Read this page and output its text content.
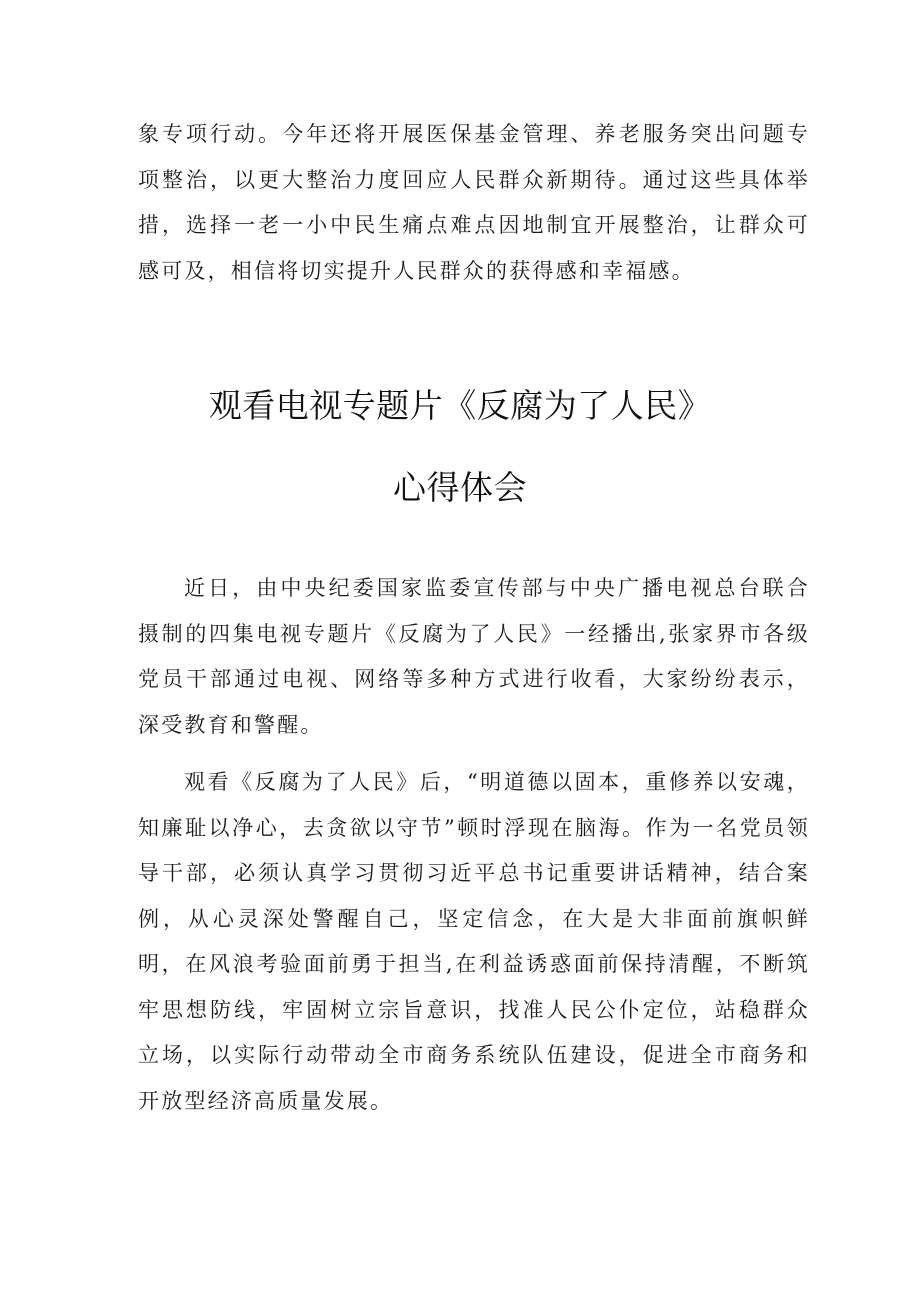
象专项行动。今年还将开展医保基金管理、养老服务突出问题专项整治，以更大整治力度回应人民群众新期待。通过这些具体举措，选择一老一小中民生痛点难点因地制宜开展整治，让群众可感可及，相信将切实提升人民群众的获得感和幸福感。

观看电视专题片《反腐为了人民》
心得体会

近日，由中央纪委国家监委宣传部与中央广播电视总台联合摄制的四集电视专题片《反腐为了人民》一经播出,张家界市各级党员干部通过电视、网络等多种方式进行收看，大家纷纷表示，深受教育和警醒。

观看《反腐为了人民》后，“明道德以固本，重修养以安魂，知廉耻以净心，去贪欲以守节”顿时浮现在脑海。作为一名党员领导干部，必须认真学习贯彻习近平总书记重要讲话精神，结合案例，从心灵深处警醒自己，坚定信念，在大是大非面前旗帜鲜明，在风浪考验面前勇于担当,在利益诱惑面前保持清醒，不断筑牢思想防线，牢固树立宗旨意识，找准人民公仆定位，站稳群众立场，以实际行动带动全市商务系统队伍建设，促进全市商务和开放型经济高质量发展。
